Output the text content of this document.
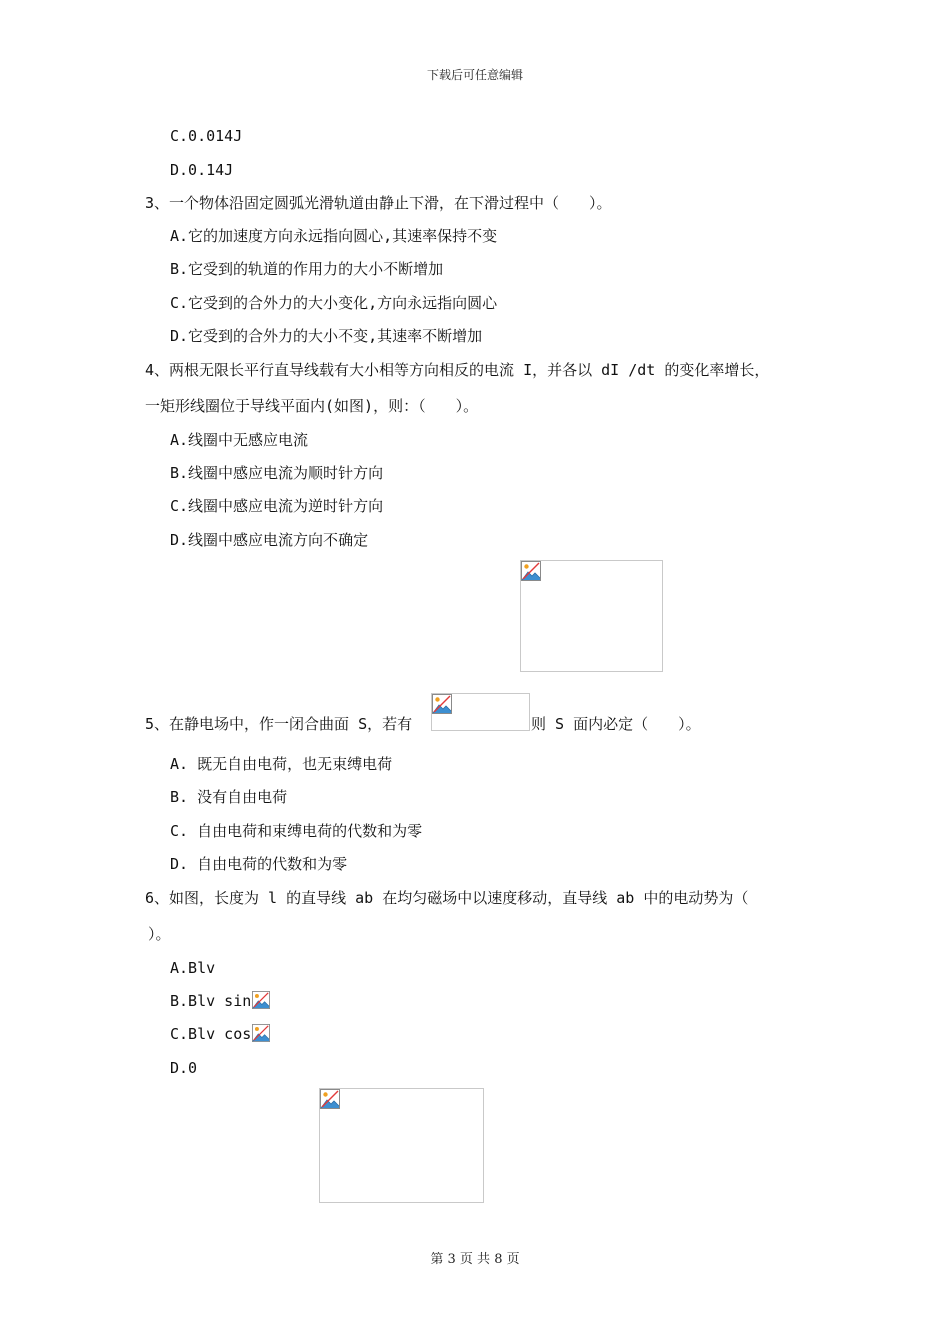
下载后可任意编辑
C.0.014J
D.0.14J
3、一个物体沿固定圆弧光滑轨道由静止下滑，在下滑过程中（　　）。
A.它的加速度方向永远指向圆心,其速率保持不变
B.它受到的轨道的作用力的大小不断增加
C.它受到的合外力的大小变化,方向永远指向圆心
D.它受到的合外力的大小不变,其速率不断增加
4、两根无限长平行直导线载有大小相等方向相反的电流 I，并各以 dI /dt 的变化率增长，
一矩形线圈位于导线平面内(如图)，则：（　　）。
A.线圈中无感应电流
B.线圈中感应电流为顺时针方向
C.线圈中感应电流为逆时针方向
D.线圈中感应电流方向不确定
5、在静电场中，作一闭合曲面 S，若有	则 S 面内必定（　　）。
A. 既无自由电荷，也无束缚电荷
B. 没有自由电荷
C. 自由电荷和束缚电荷的代数和为零
D. 自由电荷的代数和为零
6、如图，长度为 l 的直导线 ab 在均匀磁场中以速度移动，直导线 ab 中的电动势为（
）。
A.Blv
B.Blv sin
C.Blv cos
D.0
第 3 页 共 8 页
